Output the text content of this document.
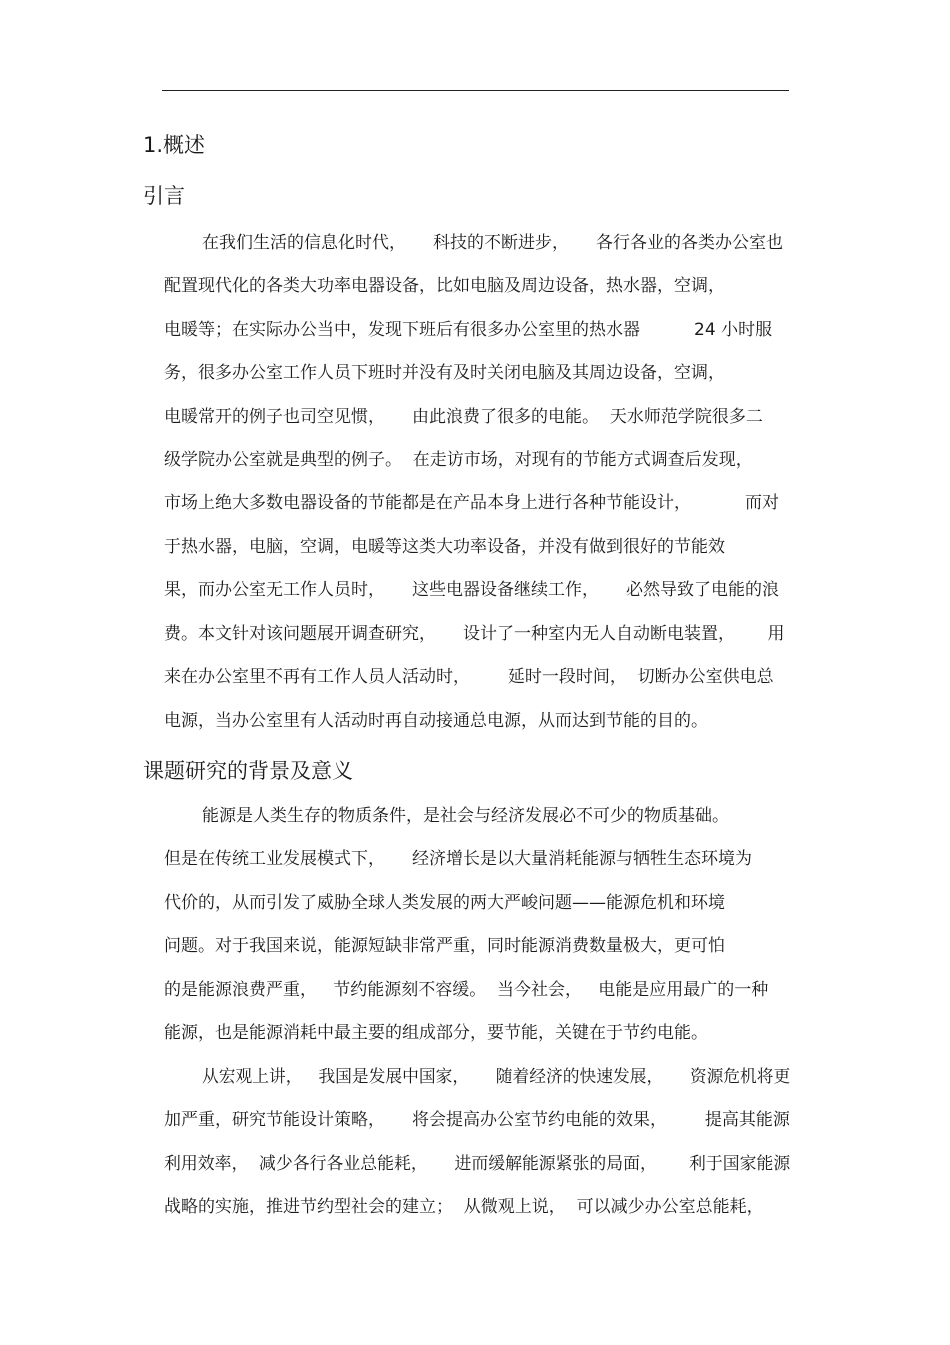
1.概述
引言

在我们生活的信息化时代，     科技的不断进步，     各行各业的各类办公室也

配置现代化的各类大功率电器设备，比如电脑及周边设备，热水器，空调，

电暖等；在实际办公当中，发现下班后有很多办公室里的热水器          24 小时服

务，很多办公室工作人员下班时并没有及时关闭电脑及其周边设备，空调，

电暖常开的例子也司空见惯，     由此浪费了很多的电能。  天水师范学院很多二

级学院办公室就是典型的例子。  在走访市场，对现有的节能方式调查后发现，

市场上绝大多数电器设备的节能都是在产品本身上进行各种节能设计，          而对

于热水器，电脑，空调，电暖等这类大功率设备，并没有做到很好的节能效

果，而办公室无工作人员时，     这些电器设备继续工作，     必然导致了电能的浪

费。本文针对该问题展开调查研究，     设计了一种室内无人自动断电装置，      用

来在办公室里不再有工作人员人活动时，       延时一段时间，  切断办公室供电总

电源，当办公室里有人活动时再自动接通总电源，从而达到节能的目的。

课题研究的背景及意义

能源是人类生存的物质条件，是社会与经济发展必不可少的物质基础。

但是在传统工业发展模式下，     经济增长是以大量消耗能源与牺牲生态环境为

代价的，从而引发了威胁全球人类发展的两大严峻问题——能源危机和环境

问题。对于我国来说，能源短缺非常严重，同时能源消费数量极大，更可怕

的是能源浪费严重，   节约能源刻不容缓。  当今社会，   电能是应用最广的一种

能源，也是能源消耗中最主要的组成部分，要节能，关键在于节约电能。

从宏观上讲，   我国是发展中国家，     随着经济的快速发展，     资源危机将更

加严重，研究节能设计策略，     将会提高办公室节约电能的效果，       提高其能源

利用效率，  减少各行各业总能耗，     进而缓解能源紧张的局面，      利于国家能源

战略的实施，推进节约型社会的建立；  从微观上说，  可以减少办公室总能耗，
